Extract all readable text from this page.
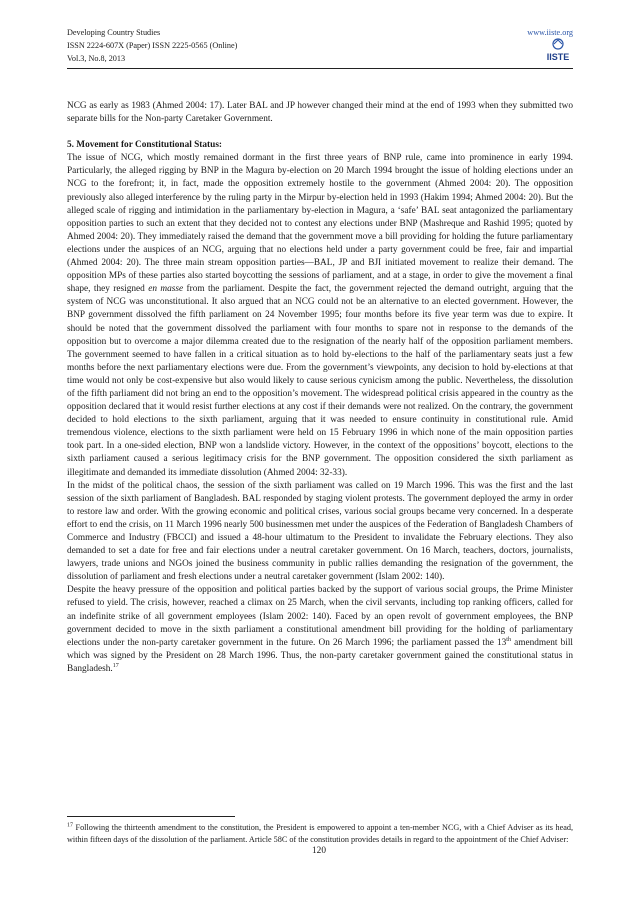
Developing Country Studies
ISSN 2224-607X (Paper) ISSN 2225-0565 (Online)
Vol.3, No.8, 2013
www.iiste.org
IISTE

NCG as early as 1983 (Ahmed 2004: 17). Later BAL and JP however changed their mind at the end of 1993 when they submitted two separate bills for the Non-party Caretaker Government.

5. Movement for Constitutional Status:

The issue of NCG, which mostly remained dormant in the first three years of BNP rule, came into prominence in early 1994. Particularly, the alleged rigging by BNP in the Magura by-election on 20 March 1994 brought the issue of holding elections under an NCG to the forefront; it, in fact, made the opposition extremely hostile to the government (Ahmed 2004: 20). The opposition previously also alleged interference by the ruling party in the Mirpur by-election held in 1993 (Hakim 1994; Ahmed 2004: 20). But the alleged scale of rigging and intimidation in the parliamentary by-election in Magura, a ‘safe’ BAL seat antagonized the parliamentary opposition parties to such an extent that they decided not to contest any elections under BNP (Mashreque and Rashid 1995; quoted by Ahmed 2004: 20). They immediately raised the demand that the government move a bill providing for holding the future parliamentary elections under the auspices of an NCG, arguing that no elections held under a party government could be free, fair and impartial (Ahmed 2004: 20). The three main stream opposition parties—BAL, JP and BJI initiated movement to realize their demand. The opposition MPs of these parties also started boycotting the sessions of parliament, and at a stage, in order to give the movement a final shape, they resigned en masse from the parliament. Despite the fact, the government rejected the demand outright, arguing that the system of NCG was unconstitutional. It also argued that an NCG could not be an alternative to an elected government. However, the BNP government dissolved the fifth parliament on 24 November 1995; four months before its five year term was due to expire. It should be noted that the government dissolved the parliament with four months to spare not in response to the demands of the opposition but to overcome a major dilemma created due to the resignation of the nearly half of the opposition parliament members. The government seemed to have fallen in a critical situation as to hold by-elections to the half of the parliamentary seats just a few months before the next parliamentary elections were due. From the government’s viewpoints, any decision to hold by-elections at that time would not only be cost-expensive but also would likely to cause serious cynicism among the public. Nevertheless, the dissolution of the fifth parliament did not bring an end to the opposition’s movement. The widespread political crisis appeared in the country as the opposition declared that it would resist further elections at any cost if their demands were not realized. On the contrary, the government decided to hold elections to the sixth parliament, arguing that it was needed to ensure continuity in constitutional rule. Amid tremendous violence, elections to the sixth parliament were held on 15 February 1996 in which none of the main opposition parties took part. In a one-sided election, BNP won a landslide victory. However, in the context of the oppositions’ boycott, elections to the sixth parliament caused a serious legitimacy crisis for the BNP government. The opposition considered the sixth parliament as illegitimate and demanded its immediate dissolution (Ahmed 2004: 32-33).

In the midst of the political chaos, the session of the sixth parliament was called on 19 March 1996. This was the first and the last session of the sixth parliament of Bangladesh. BAL responded by staging violent protests. The government deployed the army in order to restore law and order. With the growing economic and political crises, various social groups became very concerned. In a desperate effort to end the crisis, on 11 March 1996 nearly 500 businessmen met under the auspices of the Federation of Bangladesh Chambers of Commerce and Industry (FBCCI) and issued a 48-hour ultimatum to the President to invalidate the February elections. They also demanded to set a date for free and fair elections under a neutral caretaker government. On 16 March, teachers, doctors, journalists, lawyers, trade unions and NGOs joined the business community in public rallies demanding the resignation of the government, the dissolution of parliament and fresh elections under a neutral caretaker government (Islam 2002: 140).

Despite the heavy pressure of the opposition and political parties backed by the support of various social groups, the Prime Minister refused to yield. The crisis, however, reached a climax on 25 March, when the civil servants, including top ranking officers, called for an indefinite strike of all government employees (Islam 2002: 140). Faced by an open revolt of government employees, the BNP government decided to move in the sixth parliament a constitutional amendment bill providing for the holding of parliamentary elections under the non-party caretaker government in the future. On 26 March 1996; the parliament passed the 13th amendment bill which was signed by the President on 28 March 1996. Thus, the non-party caretaker government gained the constitutional status in Bangladesh.$^{17}$

$^{17}$ Following the thirteenth amendment to the constitution, the President is empowered to appoint a ten-member NCG, with a Chief Adviser as its head, within fifteen days of the dissolution of the parliament. Article 58C of the constitution provides details in regard to the appointment of the Chief Adviser:
120
